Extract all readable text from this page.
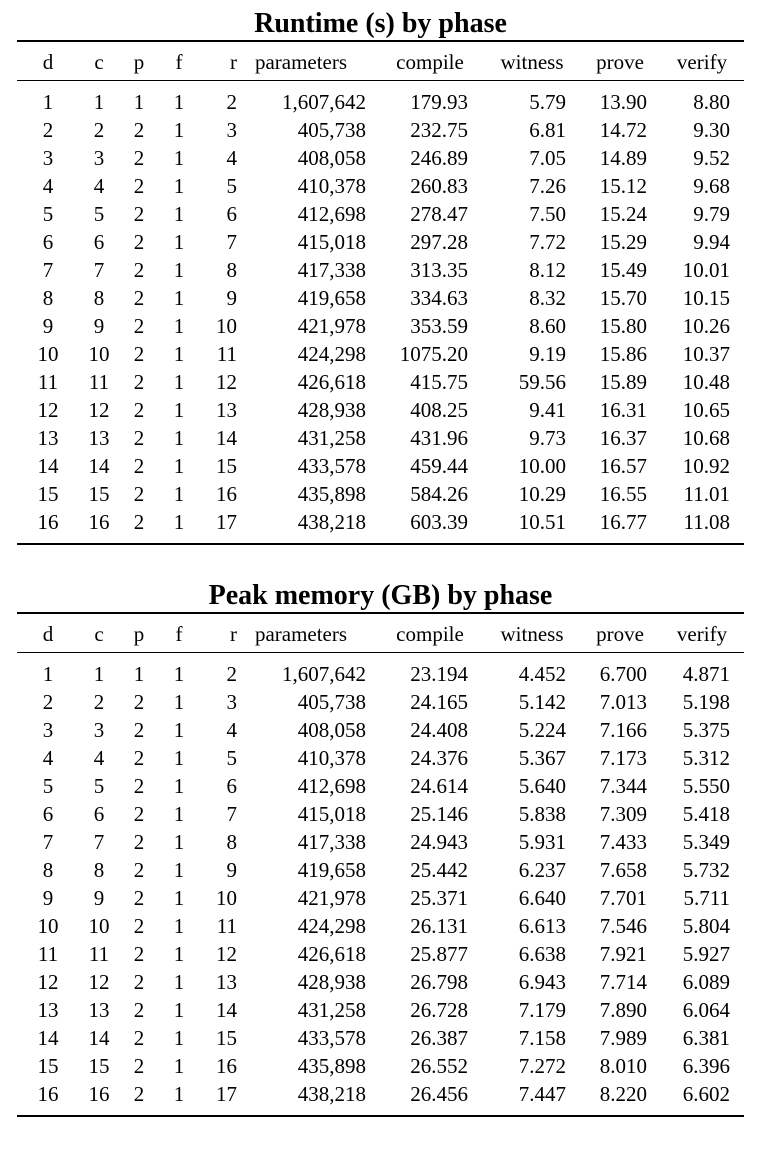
Runtime (s) by phase
d c p f r parameters compile witness prove verify
1 1 1 1 2 1,607,642 179.93	5.79 13.90 8.80
2 2 2 1 3	405,738 232.75	6.81 14.72 9.30
3 3 2 1 4	408,058 246.89	7.05 14.89 9.52
4 4 2 1 5	410,378 260.83	7.26 15.12 9.68
5 5 2 1 6	412,698 278.47	7.50 15.24 9.79
6 6 2 1 7	415,018 297.28	7.72 15.29 9.94
7 7 2 1 8	417,338 313.35	8.12 15.49 10.01
8 8 2 1 9	419,658 334.63	8.32 15.70 10.15
9 9 2 1 10	421,978 353.59	8.60 15.80 10.26
10 10 2 1 11	424,298 1075.20	9.19 15.86 10.37
11 11 2 1 12	426,618 415.75 59.56 15.89 10.48
12 12 2 1 13	428,938 408.25	9.41 16.31 10.65
13 13 2 1 14	431,258 431.96	9.73 16.37 10.68
14 14 2 1 15	433,578 459.44 10.00 16.57 10.92
15 15 2 1 16	435,898 584.26 10.29 16.55 11.01
16 16 2 1 17	438,218 603.39 10.51 16.77 11.08
Peak memory (GB) by phase
d c p f r parameters compile witness prove verify
1 1 1 1 2 1,607,642 23.194 4.452 6.700 4.871
2 2 2 1 3	405,738 24.165 5.142 7.013 5.198
3 3 2 1 4	408,058 24.408 5.224 7.166 5.375
4 4 2 1 5	410,378 24.376 5.367 7.173 5.312
5 5 2 1 6	412,698 24.614 5.640 7.344 5.550
6 6 2 1 7	415,018 25.146 5.838 7.309 5.418
7 7 2 1 8	417,338 24.943 5.931 7.433 5.349
8 8 2 1 9	419,658 25.442 6.237 7.658 5.732
9 9 2 1 10	421,978 25.371 6.640 7.701 5.711
10 10 2 1 11	424,298 26.131 6.613 7.546 5.804
11 11 2 1 12	426,618 25.877 6.638 7.921 5.927
12 12 2 1 13	428,938 26.798 6.943 7.714 6.089
13 13 2 1 14	431,258 26.728 7.179 7.890 6.064
14 14 2 1 15	433,578 26.387 7.158 7.989 6.381
15 15 2 1 16	435,898 26.552 7.272 8.010 6.396
16 16 2 1 17	438,218 26.456 7.447 8.220 6.602
